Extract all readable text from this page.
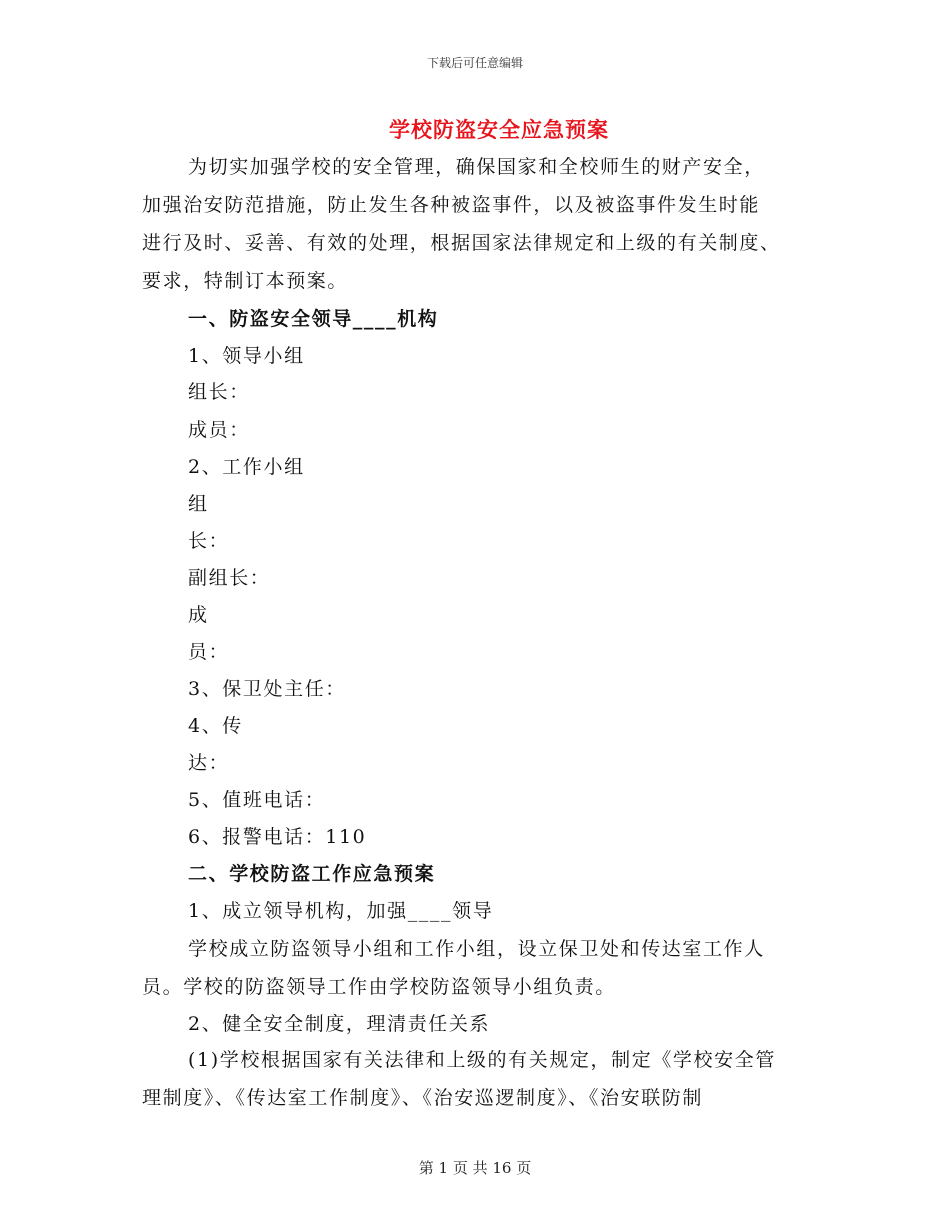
下载后可任意编辑
学校防盗安全应急预案
为切实加强学校的安全管理，确保国家和全校师生的财产安全，
加强治安防范措施，防止发生各种被盗事件，以及被盗事件发生时能
进行及时、妥善、有效的处理，根据国家法律规定和上级的有关制度、
要求，特制订本预案。
一、防盗安全领导____机构
1、领导小组
组长：
成员：
2、工作小组
组
长：
副组长：
成
员：
3、保卫处主任：
4、传
达：
5、值班电话：
6、报警电话：110
二、学校防盗工作应急预案
1、成立领导机构，加强____领导
学校成立防盗领导小组和工作小组，设立保卫处和传达室工作人
员。学校的防盗领导工作由学校防盗领导小组负责。
2、健全安全制度，理清责任关系
(1)学校根据国家有关法律和上级的有关规定，制定《学校安全管
理制度》、《传达室工作制度》、《治安巡逻制度》、《治安联防制
第 1 页 共 16 页
